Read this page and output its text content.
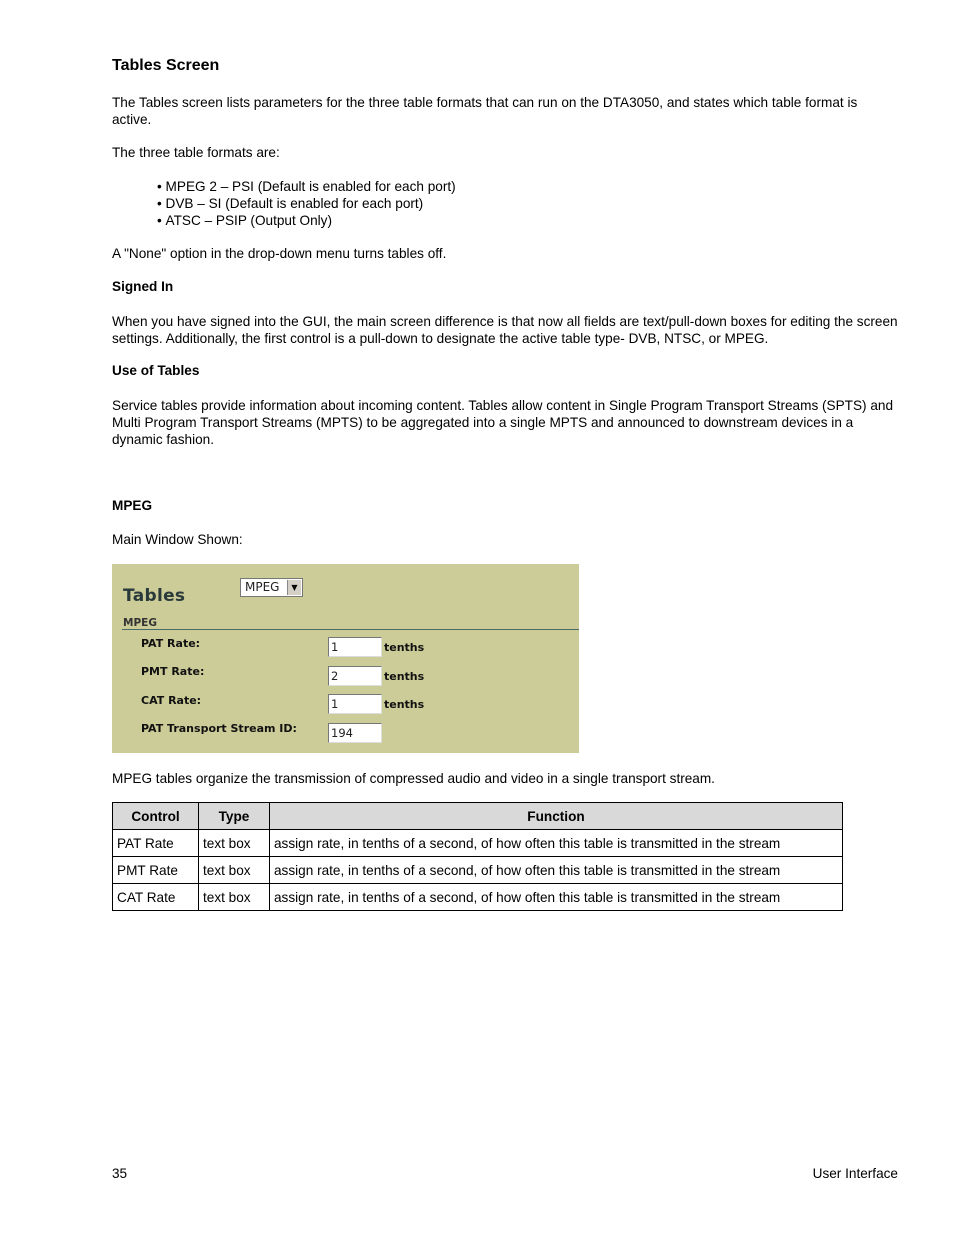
Tables Screen

The Tables screen lists parameters for the three table formats that can run on the DTA3050, and states which table format is active.

The three table formats are:

• MPEG 2 – PSI (Default is enabled for each port)
• DVB – SI (Default is enabled for each port)
• ATSC – PSIP (Output Only)

A "None" option in the drop-down menu turns tables off.

Signed In

When you have signed into the GUI, the main screen difference is that now all fields are text/pull-down boxes for editing the screen settings. Additionally, the first control is a pull-down to designate the active table type- DVB, NTSC, or MPEG.

Use of Tables

Service tables provide information about incoming content. Tables allow content in Single Program Transport Streams (SPTS) and Multi Program Transport Streams (MPTS) to be aggregated into a single MPTS and announced to downstream devices in a dynamic fashion.

MPEG

Main Window Shown:

Tables	MPEG	▼
MPEG
PAT Rate:	1	tenths
PMT Rate:	2	tenths
CAT Rate:	1	tenths
PAT Transport Stream ID:	194

MPEG tables organize the transmission of compressed audio and video in a single transport stream.

Control	Type	Function
PAT Rate	text box	assign rate, in tenths of a second, of how often this table is transmitted in the stream
PMT Rate	text box	assign rate, in tenths of a second, of how often this table is transmitted in the stream
CAT Rate	text box	assign rate, in tenths of a second, of how often this table is transmitted in the stream
35	User Interface
